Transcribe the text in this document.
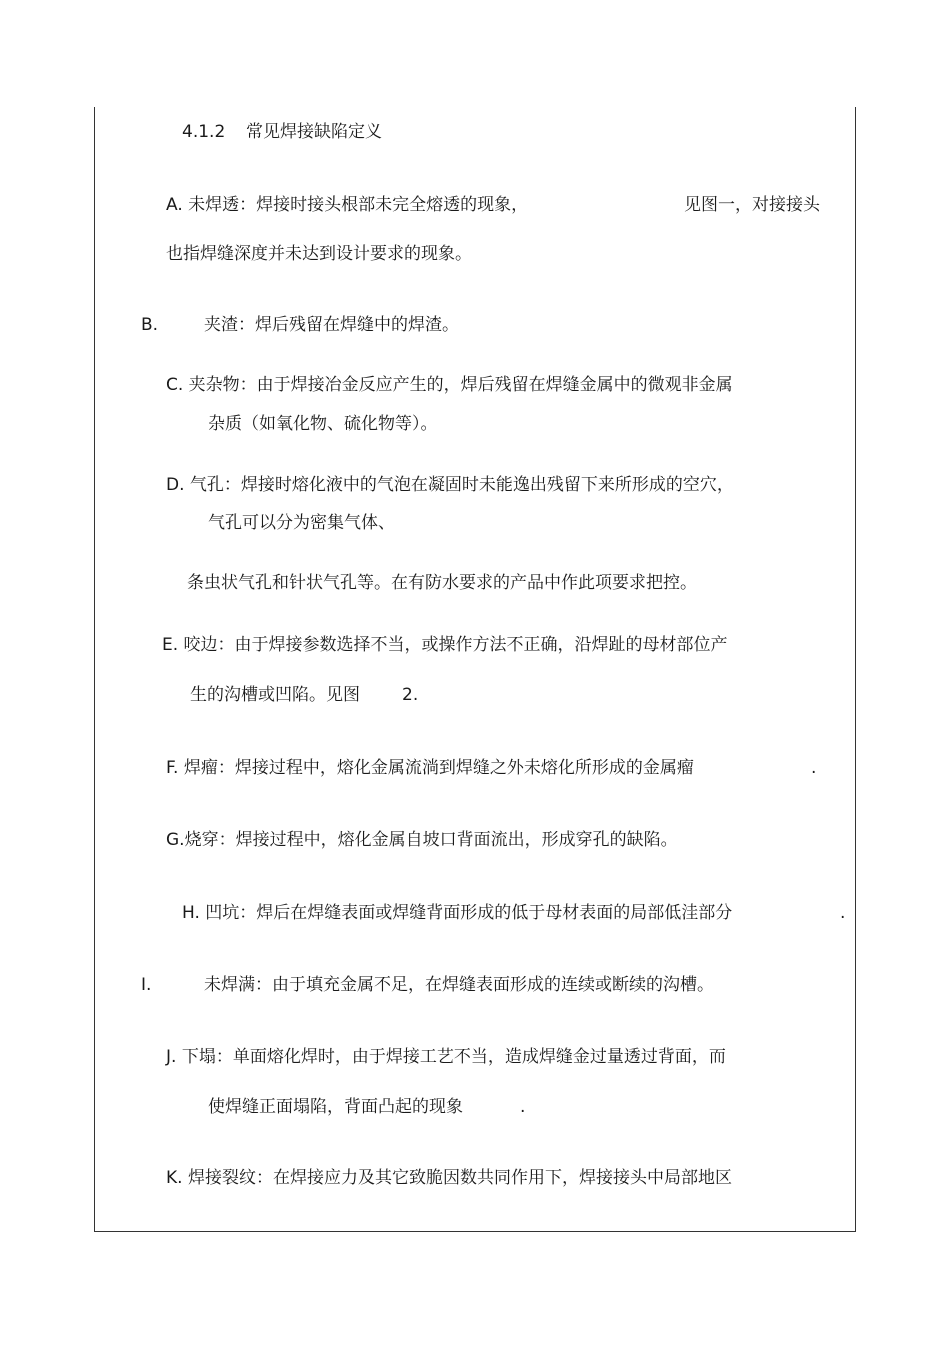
4.1.2 常见焊接缺陷定义
A. 未焊透：焊接时接头根部未完全熔透的现象，	见图一，对接接头
也指焊缝深度并未达到设计要求的现象。
B.	夹渣：焊后残留在焊缝中的焊渣。
C. 夹杂物：由于焊接冶金反应产生的，焊后残留在焊缝金属中的微观非金属
杂质（如氧化物、硫化物等）。
D. 气孔：焊接时熔化液中的气泡在凝固时未能逸出残留下来所形成的空穴，
气孔可以分为密集气体、
条虫状气孔和针状气孔等。在有防水要求的产品中作此项要求把控。
E. 咬边：由于焊接参数选择不当，或操作方法不正确，沿焊趾的母材部位产
生的沟槽或凹陷。见图 2.
F. 焊瘤：焊接过程中，熔化金属流淌到焊缝之外未熔化所形成的金属瘤	.
G.烧穿：焊接过程中，熔化金属自坡口背面流出，形成穿孔的缺陷。
H. 凹坑：焊后在焊缝表面或焊缝背面形成的低于母材表面的局部低洼部分	.
I.	未焊满：由于填充金属不足，在焊缝表面形成的连续或断续的沟槽。
J. 下塌：单面熔化焊时，由于焊接工艺不当，造成焊缝金过量透过背面，而
使焊缝正面塌陷，背面凸起的现象	.
K. 焊接裂纹：在焊接应力及其它致脆因数共同作用下，焊接接头中局部地区
